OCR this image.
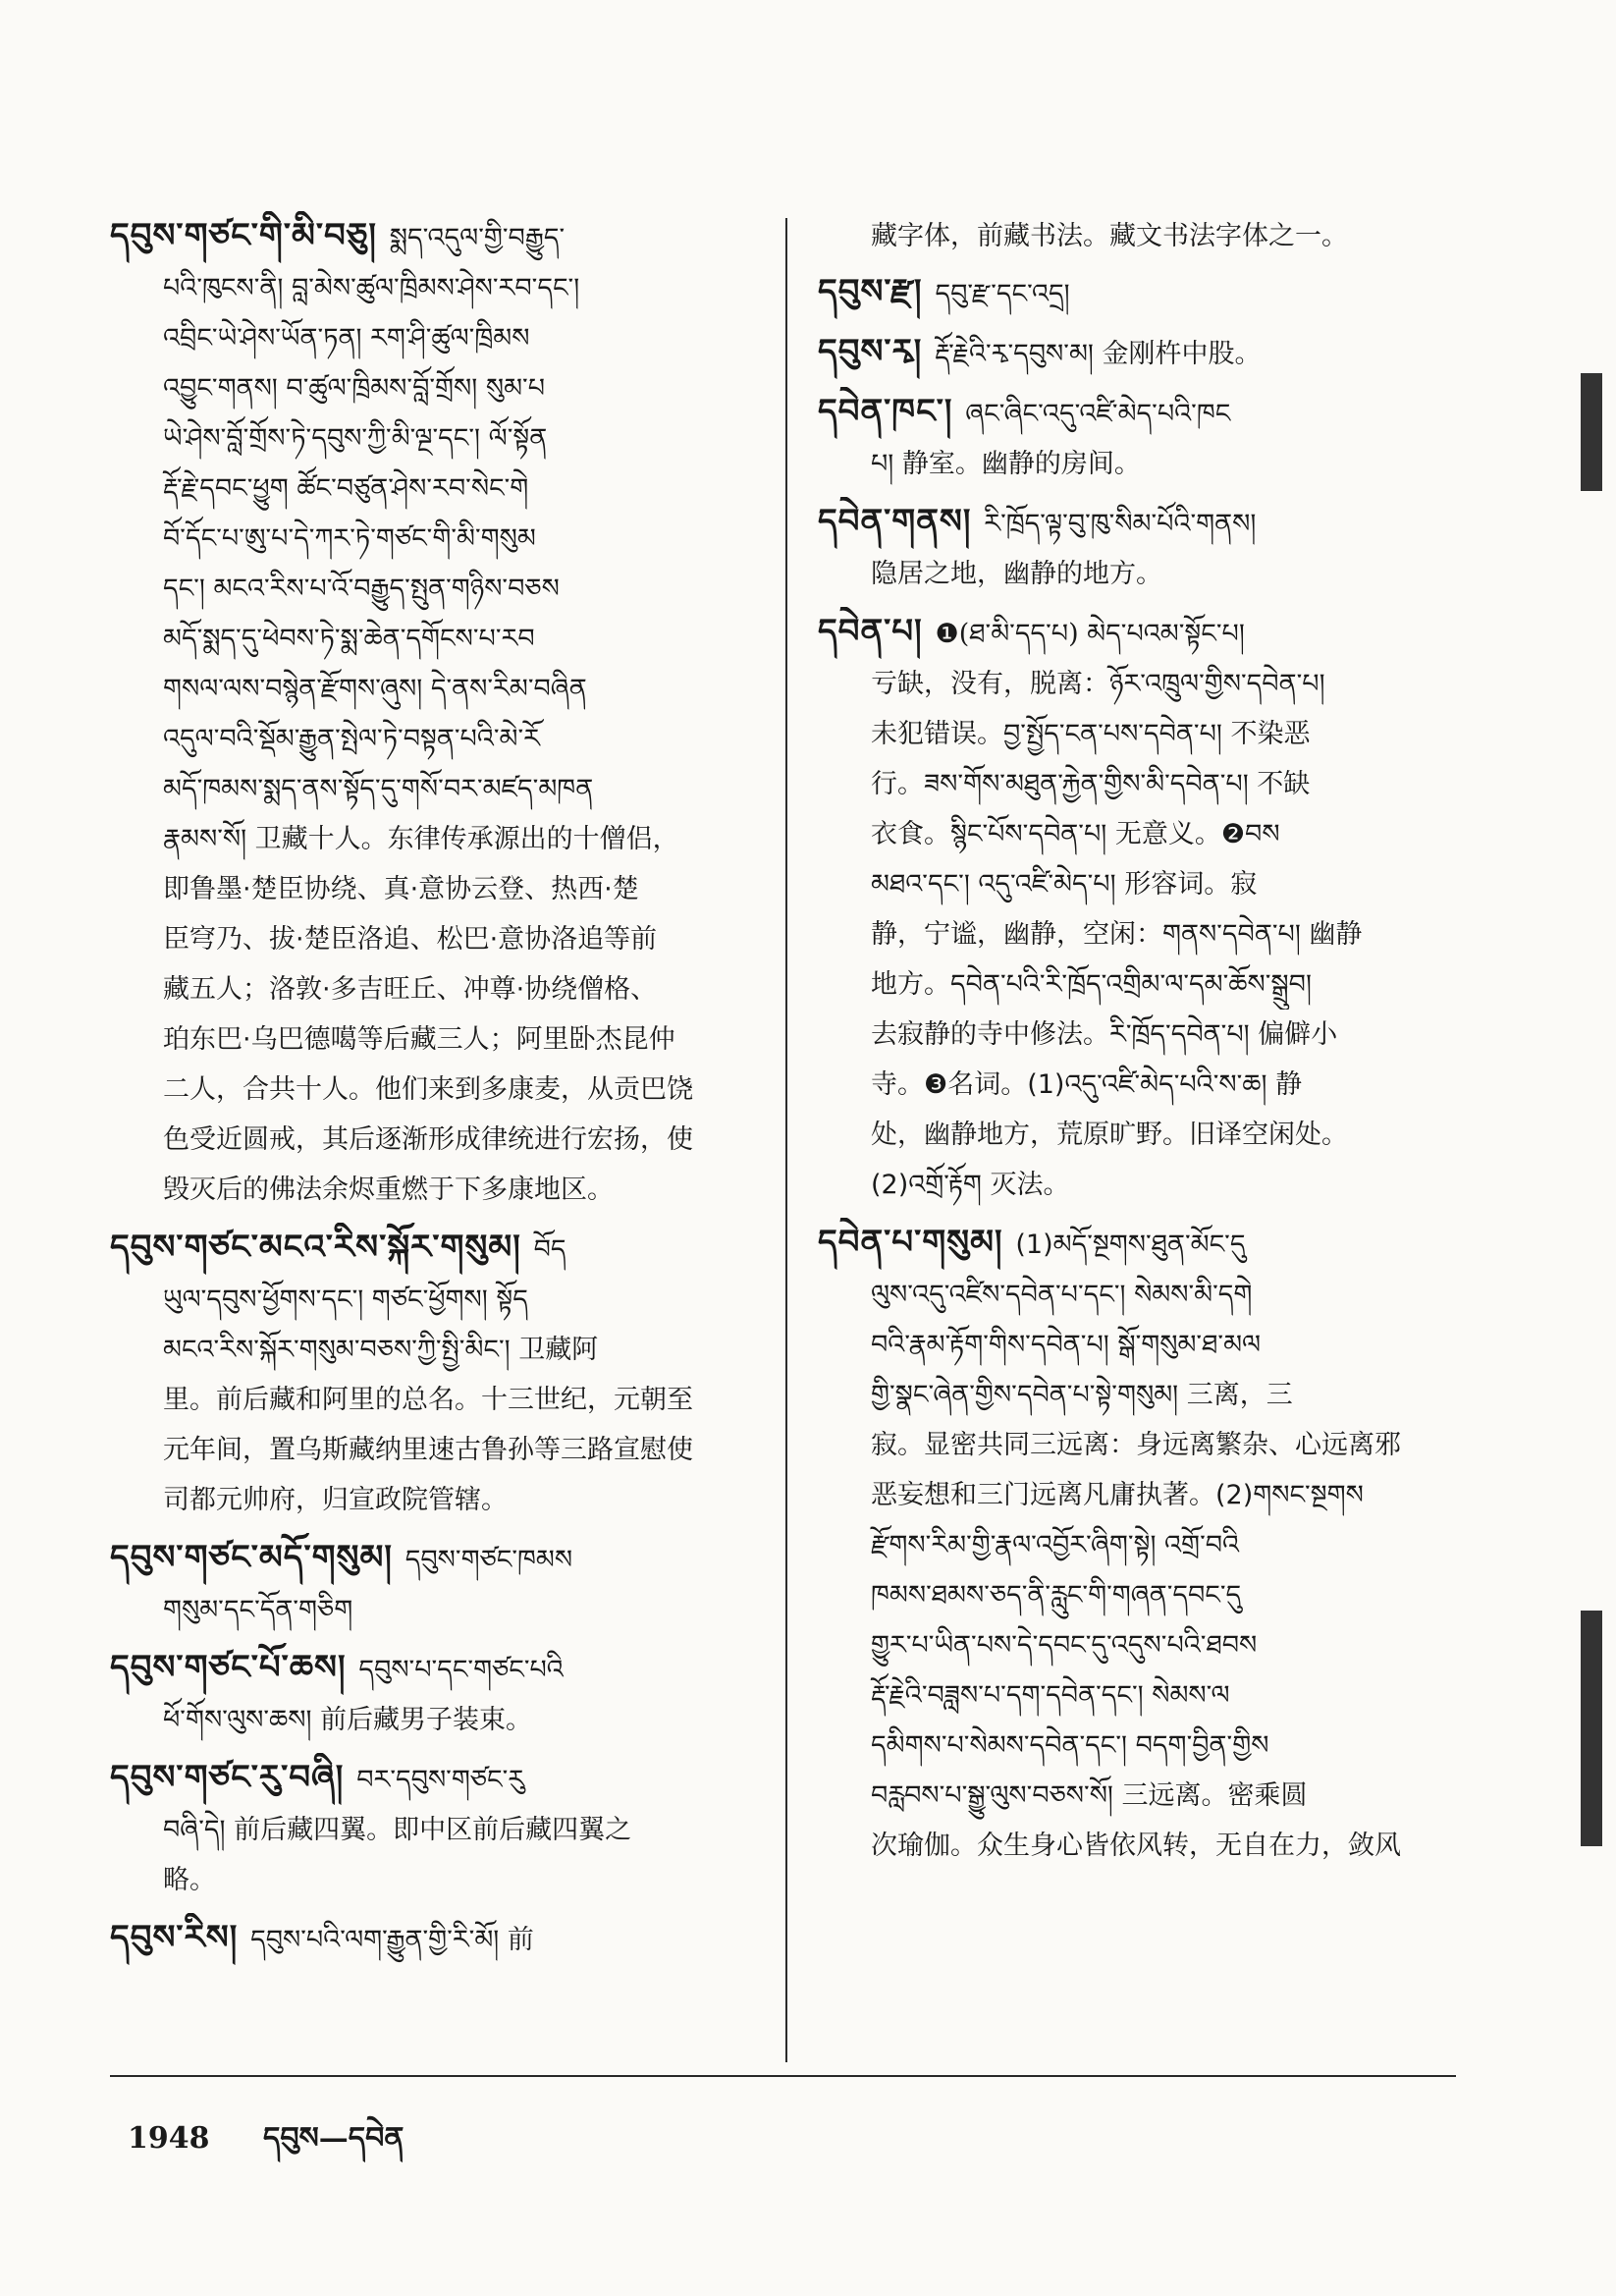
དབུས་གཙང་གི་མི་བཅུ། སྨད་འདུལ་གྱི་བརྒྱུད་
པའི་ཁུངས་ནི། བླ་མེས་ཚུལ་ཁྲིམས་ཤེས་རབ་དང་།
འབྲིང་ཡེ་ཤེས་ཡོན་ཏན། རག་ཤི་ཚུལ་ཁྲིམས
འབྱུང་གནས། བ་ཚུལ་ཁྲིམས་བློ་གྲོས། སུམ་པ
ཡེ་ཤེས་བློ་གྲོས་ཏེ་དབུས་ཀྱི་མི་ལྔ་དང་། ལོ་སྟོན
རྡོ་རྗེ་དབང་ཕྱུག ཚོང་བཙུན་ཤེས་རབ་སེང་གེ
བོ་དོང་པ་ཨུ་པ་དེ་ཀར་ཏེ་གཙང་གི་མི་གསུམ
དང་། མངའ་རིས་པ་འོ་བརྒྱུད་སྤུན་གཉིས་བཅས
མདོ་སྨད་དུ་ཕེབས་ཏེ་སྨ་ཆེན་དགོངས་པ་རབ
གསལ་ལས་བསྙེན་རྫོགས་ཞུས། དེ་ནས་རིམ་བཞིན
འདུལ་བའི་སྡོམ་རྒྱུན་སྤེལ་ཏེ་བསྟན་པའི་མེ་རོ
མདོ་ཁམས་སྨད་ནས་སྟོད་དུ་གསོ་བར་མཛད་མཁན
རྣམས་སོ། 卫藏十人。东律传承源出的十僧侣，
即鲁墨·楚臣协绕、真·意协云登、热西·楚
臣穹乃、拔·楚臣洛追、松巴·意协洛追等前
藏五人；洛敦·多吉旺丘、冲尊·协绕僧格、
珀东巴·乌巴德噶等后藏三人；阿里卧杰昆仲
二人，合共十人。他们来到多康麦，从贡巴饶
色受近圆戒，其后逐渐形成律统进行宏扬，使
毁灭后的佛法余烬重燃于下多康地区。
དབུས་གཙང་མངའ་རིས་སྐོར་གསུམ། བོད
ཡུལ་དབུས་ཕྱོགས་དང་། གཙང་ཕྱོགས། སྟོད
མངའ་རིས་སྐོར་གསུམ་བཅས་ཀྱི་སྤྱི་མིང་། 卫藏阿
里。前后藏和阿里的总名。十三世纪，元朝至
元年间，置乌斯藏纳里速古鲁孙等三路宣慰使
司都元帅府，归宣政院管辖。
དབུས་གཙང་མདོ་གསུམ། དབུས་གཙང་ཁམས
གསུམ་དང་དོན་གཅིག
དབུས་གཙང་པོ་ཆས། དབུས་པ་དང་གཙང་པའི
ཕོ་གོས་ལུས་ཆས། 前后藏男子装束。
དབུས་གཙང་རུ་བཞི། བར་དབུས་གཙང་རུ
བཞི་དེ། 前后藏四翼。即中区前后藏四翼之
略。
དབུས་རིས། དབུས་པའི་ལག་རྒྱུན་གྱི་རི་མོ། 前
藏字体，前藏书法。藏文书法字体之一。
དབུས་རྫ། དབུ་རྫ་དང་འདྲ།
དབུས་རྭ། རྡོ་རྗེའི་རྭ་དབུས་མ། 金刚杵中股。
དབེན་ཁང་། ཞང་ཞིང་འདུ་འཛི་མེད་པའི་ཁང
པ། 静室。幽静的房间。
དབེན་གནས། རི་ཁྲོད་ལྟ་བུ་ཁུ་སིམ་པོའི་གནས།
隐居之地，幽静的地方。
དབེན་པ། ❶(ཐ་མི་དད་པ) མེད་པའམ་སྟོང་པ།
亏缺，没有，脱离：ཉོར་འཁྲུལ་གྱིས་དབེན་པ།
未犯错误。བྱ་སྤྱོད་ངན་པས་དབེན་པ། 不染恶
行。ཟས་གོས་མཐུན་རྐྱེན་གྱིས་མི་དབེན་པ། 不缺
衣食。སྙིང་པོས་དབེན་པ། 无意义。❷བས
མཐའ་དང་། འདུ་འཛི་མེད་པ། 形容词。寂
静，宁谧，幽静，空闲：གནས་དབེན་པ། 幽静
地方。དབེན་པའི་རི་ཁྲོད་འགྲིམ་ལ་དམ་ཆོས་སྒྲུབ།
去寂静的寺中修法。རི་ཁྲོད་དབེན་པ། 偏僻小
寺。❸名词。(1)འདུ་འཛི་མེད་པའི་ས་ཆ། 静
处，幽静地方，荒原旷野。旧译空闲处。
(2)འགྲོ་རྟོག 灭法。
དབེན་པ་གསུམ། (1)མདོ་སྔགས་ཐུན་མོང་དུ
ལུས་འདུ་འཛིས་དབེན་པ་དང་། སེམས་མི་དགེ
བའི་རྣམ་རྟོག་གིས་དབེན་པ། སྒོ་གསུམ་ཐ་མལ
གྱི་སྣང་ཞེན་གྱིས་དབེན་པ་སྟེ་གསུམ། 三离，三
寂。显密共同三远离：身远离繁杂、心远离邪
恶妄想和三门远离凡庸执著。(2)གསང་སྔགས
རྫོགས་རིམ་གྱི་རྣལ་འབྱོར་ཞིག་སྟེ། འགྲོ་བའི
ཁམས་ཐམས་ཅད་ནི་རླུང་གི་གཞན་དབང་དུ
གྱུར་པ་ཡིན་པས་དེ་དབང་དུ་འདུས་པའི་ཐབས
རྡོ་རྗེའི་བཟླས་པ་དག་དབེན་དང་། སེམས་ལ
དམིགས་པ་སེམས་དབེན་དང་། བདག་བྱིན་གྱིས
བརླབས་པ་སྒྱུ་ལུས་བཅས་སོ། 三远离。密乘圆
次瑜伽。众生身心皆依风转，无自在力，敛风
1948 དབུས—དབེན
